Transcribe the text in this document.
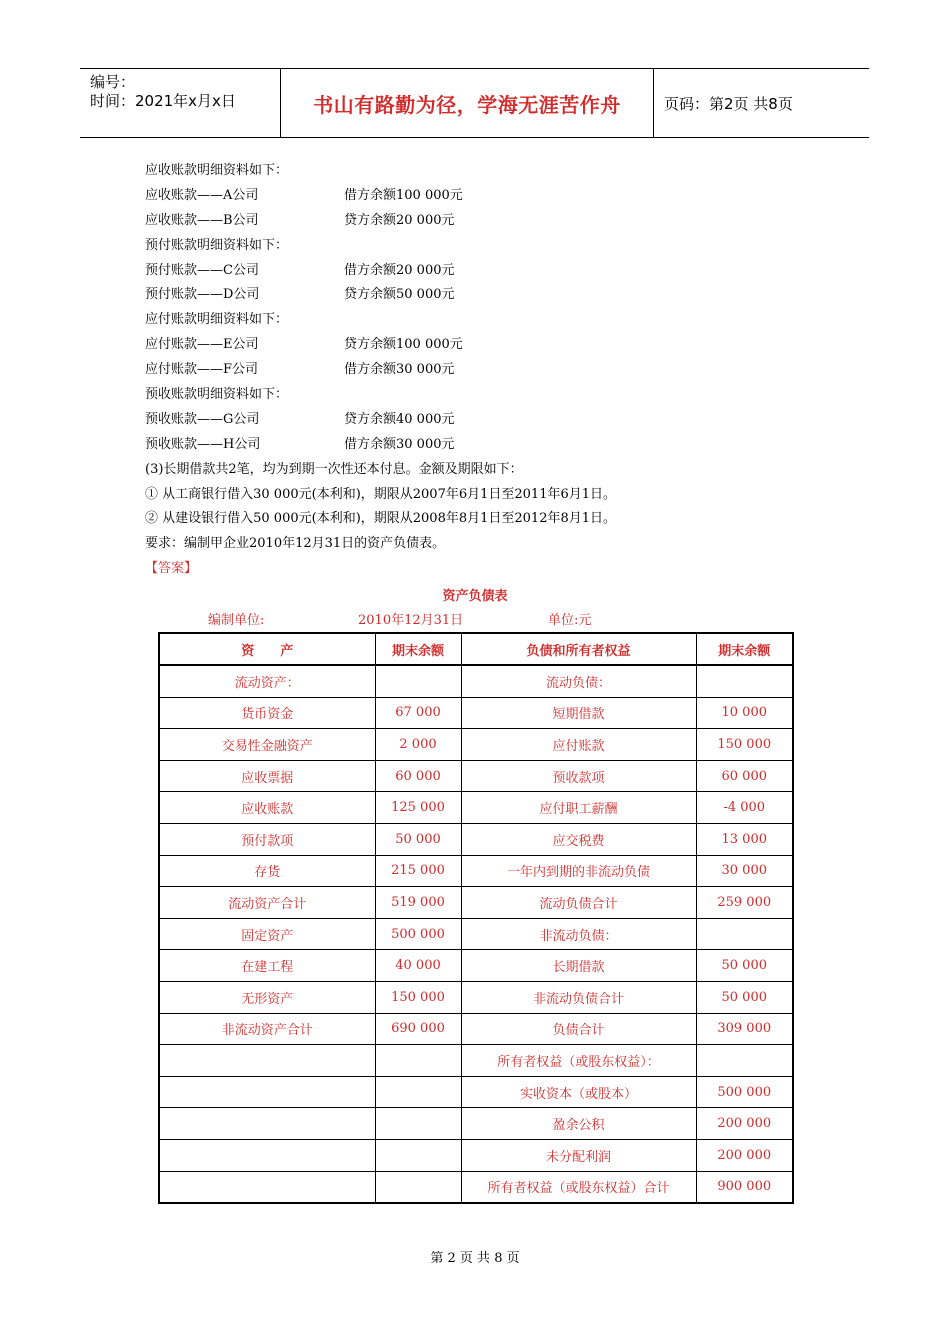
编号：
时间：2021年x月x日	书山有路勤为径，学海无涯苦作舟	页码：第2页 共8页
应收账款明细资料如下：
应收账款——A公司	借方余额100 000元
应收账款——B公司	贷方余额20 000元
预付账款明细资料如下：
预付账款——C公司	借方余额20 000元
预付账款——D公司	贷方余额50 000元
应付账款明细资料如下：
应付账款——E公司	贷方余额100 000元
应付账款——F公司	借方余额30 000元
预收账款明细资料如下：
预收账款——G公司	贷方余额40 000元
预收账款——H公司	借方余额30 000元
(3)长期借款共2笔，均为到期一次性还本付息。金额及期限如下：
① 从工商银行借入30 000元(本利和)，期限从2007年6月1日至2011年6月1日。
② 从建设银行借入50 000元(本利和)，期限从2008年8月1日至2012年8月1日。
要求：编制甲企业2010年12月31日的资产负债表。
【答案】
资产负债表
编制单位:	2010年12月31日	单位:元
资　　产	期末余额	负债和所有者权益	期末余额
流动资产：		流动负债：	
货币资金	67 000	短期借款	10 000
交易性金融资产	2 000	应付账款	150 000
应收票据	60 000	预收款项	60 000
应收账款	125 000	应付职工薪酬	-4 000
预付款项	50 000	应交税费	13 000
存货	215 000	一年内到期的非流动负债	30 000
流动资产合计	519 000	流动负债合计	259 000
固定资产	500 000	非流动负债：	
在建工程	40 000	长期借款	50 000
无形资产	150 000	非流动负债合计	50 000
非流动资产合计	690 000	负债合计	309 000
		所有者权益（或股东权益）：	
		实收资本（或股本）	500 000
		盈余公积	200 000
		未分配利润	200 000
		所有者权益（或股东权益）合计	900 000
第 2 页 共 8 页
